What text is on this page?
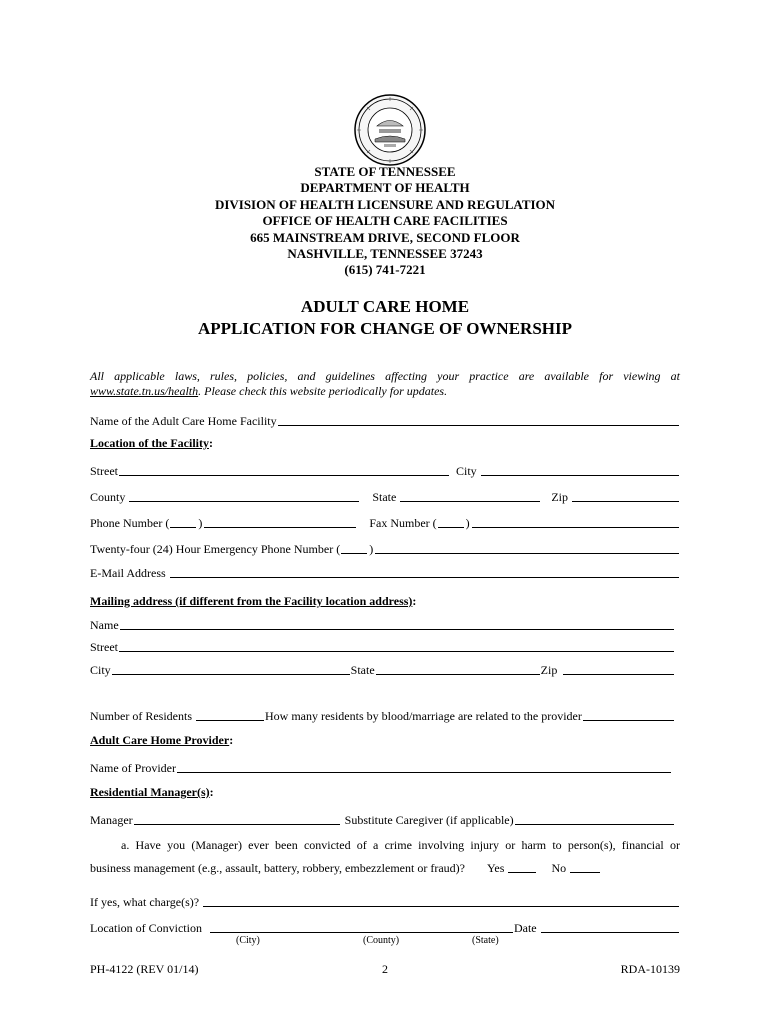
STATE OF TENNESSEE
DEPARTMENT OF HEALTH
DIVISION OF HEALTH LICENSURE AND REGULATION
OFFICE OF HEALTH CARE FACILITIES
665 MAINSTREAM DRIVE, SECOND FLOOR
NASHVILLE, TENNESSEE 37243
(615) 741-7221
ADULT CARE HOME
APPLICATION FOR CHANGE OF OWNERSHIP
All applicable laws, rules, policies, and guidelines affecting your practice are available for viewing at www.state.tn.us/health. Please check this website periodically for updates.
Name of the Adult Care Home Facility
Location of the Facility:
Street	City
County	State	Zip
Phone Number ( )	Fax Number ( )
Twenty-four (24) Hour Emergency Phone Number ( )
E-Mail Address
Mailing address (if different from the Facility location address):
Name
Street
City	State	Zip
Number of Residents	How many residents by blood/marriage are related to the provider
Adult Care Home Provider:
Name of Provider
Residential Manager(s):
Manager	Substitute Caregiver (if applicable)
a. Have you (Manager) ever been convicted of a crime involving injury or harm to person(s), financial or
business management (e.g., assault, battery, robbery, embezzlement or fraud)? Yes	No
If yes, what charge(s)?
Location of Conviction	Date
(City)	(County)	(State)
PH-4122 (REV 01/14)	2	RDA-10139
